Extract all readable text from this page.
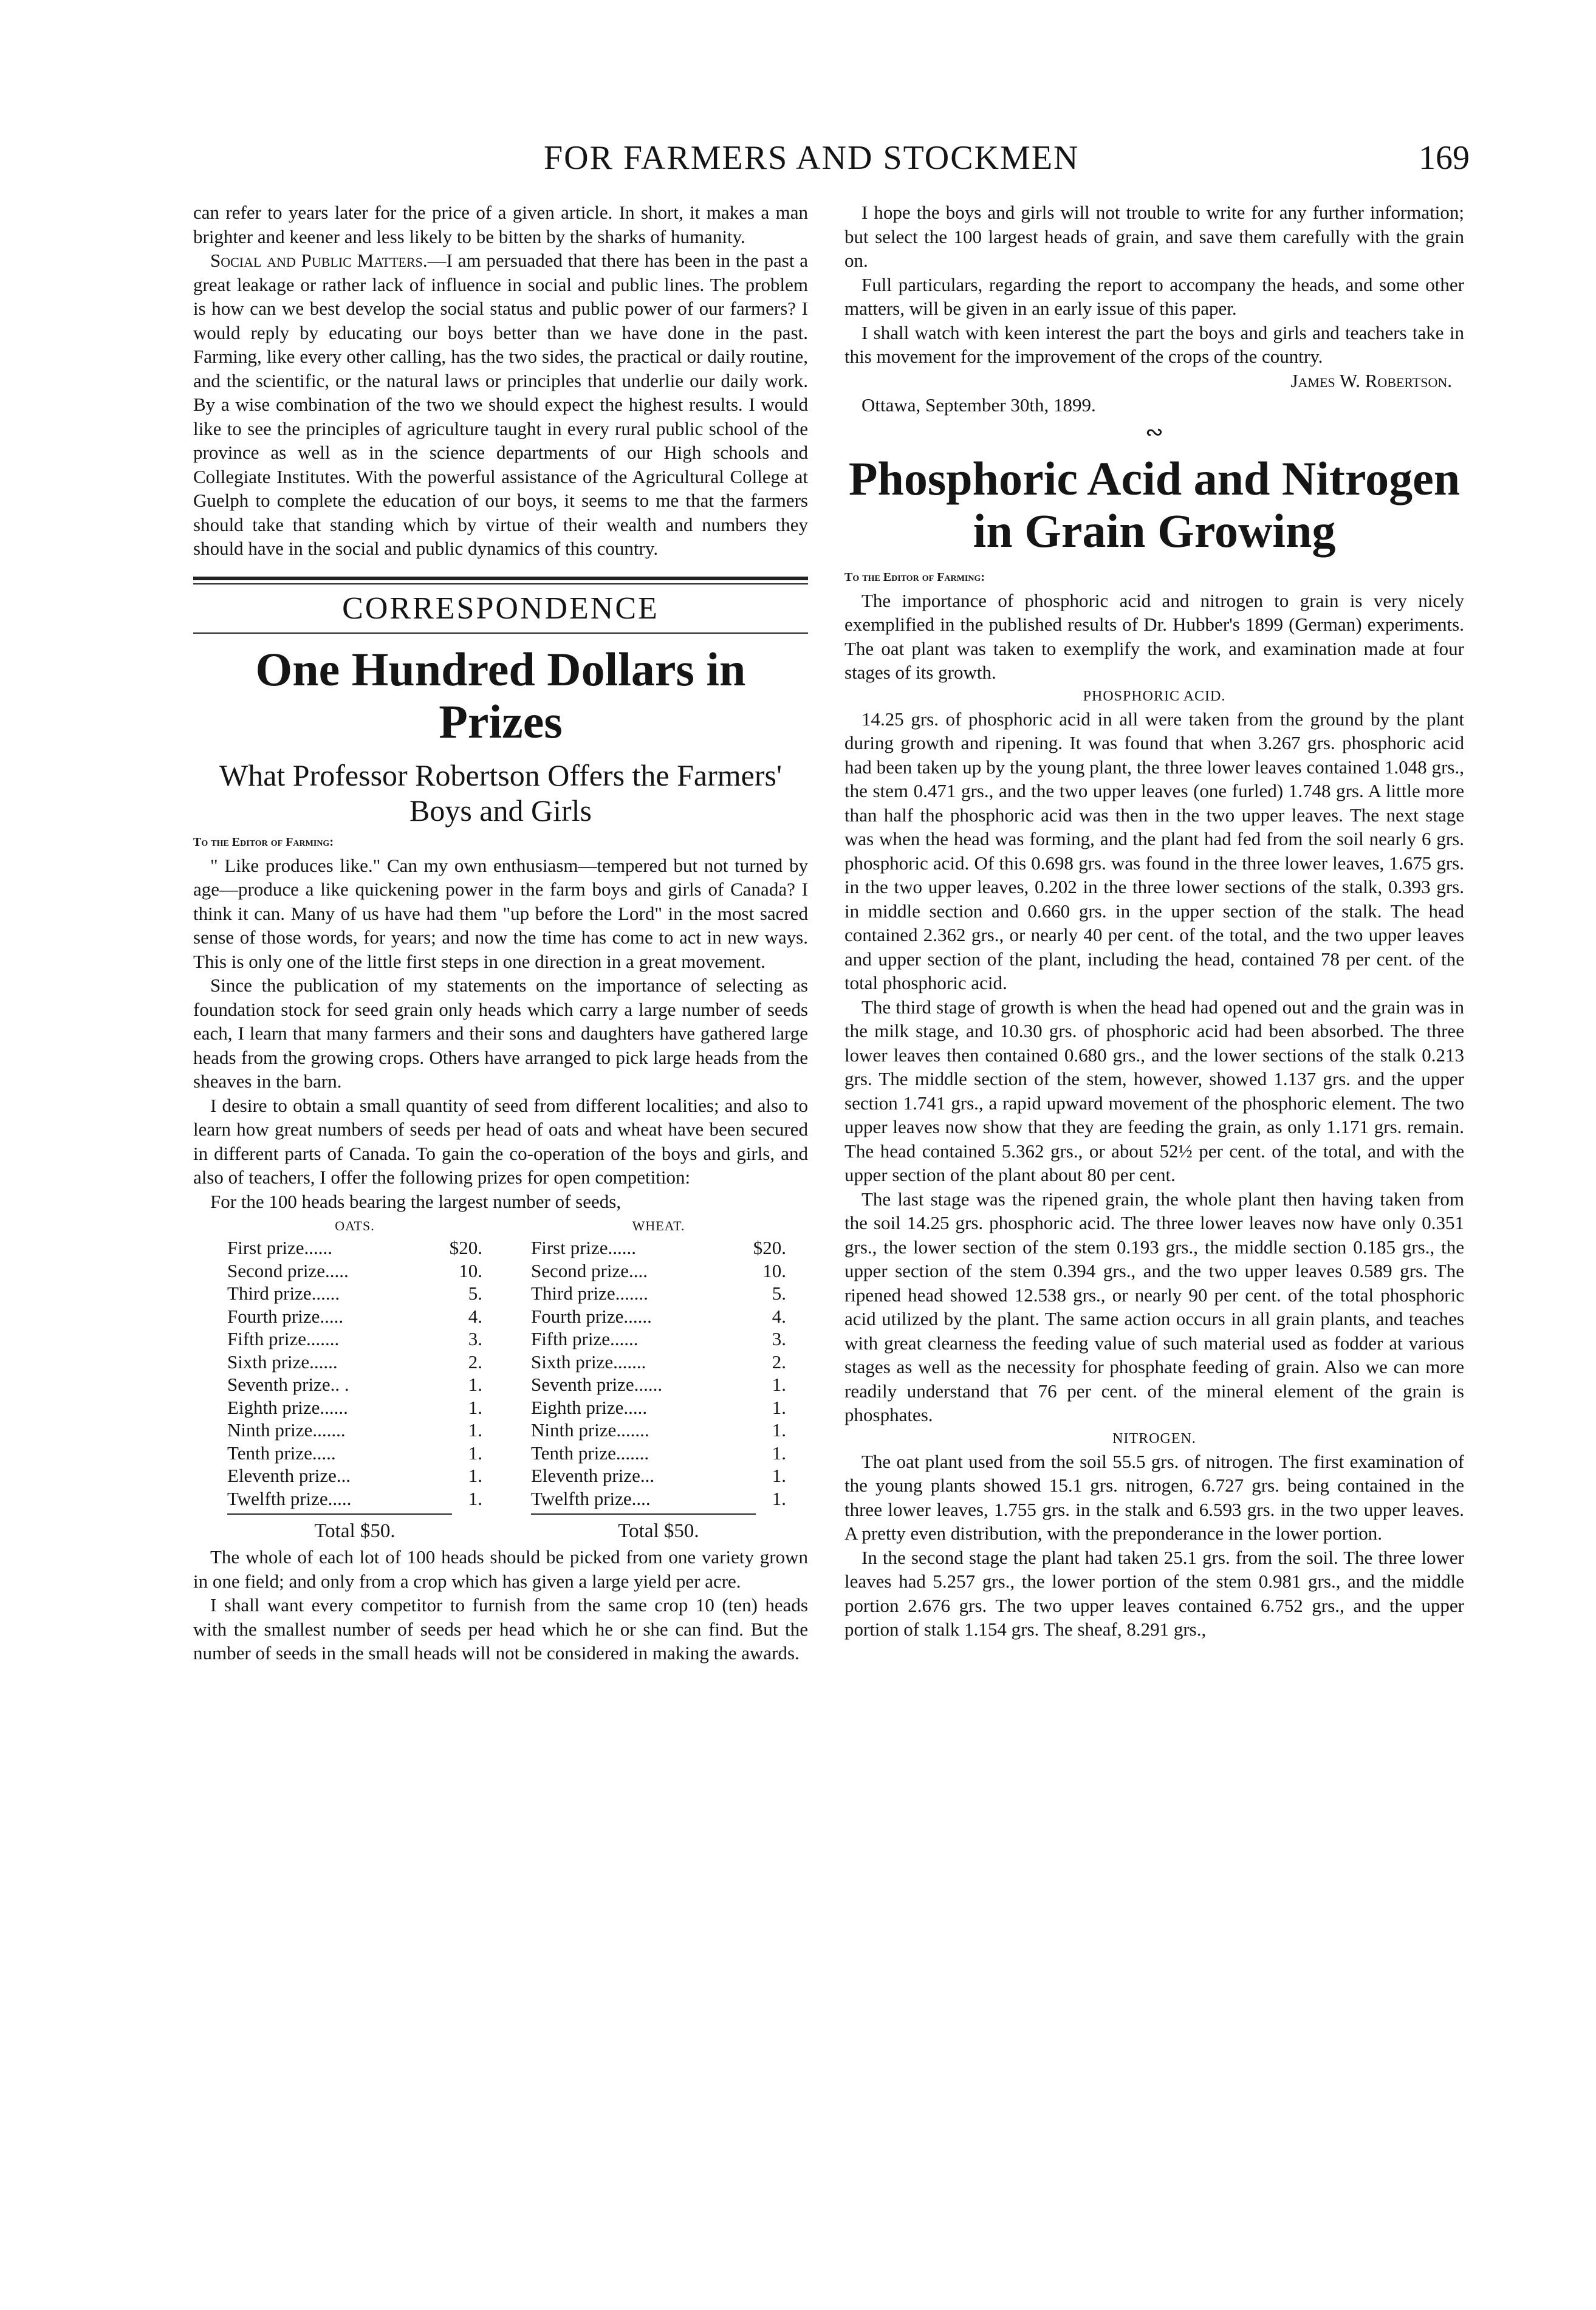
FOR FARMERS AND STOCKMEN	169

can refer to years later for the price of a given article. In short, it makes a man brighter and keener and less likely to be bitten by the sharks of humanity.

Social and Public Matters.—I am persuaded that there has been in the past a great leakage or rather lack of influence in social and public lines. The problem is how can we best develop the social status and public power of our farmers? I would reply by educating our boys better than we have done in the past. Farming, like every other calling, has the two sides, the practical or daily routine, and the scientific, or the natural laws or principles that underlie our daily work. By a wise combination of the two we should expect the highest results. I would like to see the principles of agriculture taught in every rural public school of the province as well as in the science departments of our High schools and Collegiate Institutes. With the powerful assistance of the Agricultural College at Guelph to complete the education of our boys, it seems to me that the farmers should take that standing which by virtue of their wealth and numbers they should have in the social and public dynamics of this country.

CORRESPONDENCE
One Hundred Dollars in Prizes
What Professor Robertson Offers the Farmers' Boys and Girls
To the Editor of Farming:

" Like produces like." Can my own enthusiasm—tempered but not turned by age—produce a like quickening power in the farm boys and girls of Canada? I think it can. Many of us have had them "up before the Lord" in the most sacred sense of those words, for years; and now the time has come to act in new ways. This is only one of the little first steps in one direction in a great movement.

Since the publication of my statements on the importance of selecting as foundation stock for seed grain only heads which carry a large number of seeds each, I learn that many farmers and their sons and daughters have gathered large heads from the growing crops. Others have arranged to pick large heads from the sheaves in the barn.

I desire to obtain a small quantity of seed from different localities; and also to learn how great numbers of seeds per head of oats and wheat have been secured in different parts of Canada. To gain the co-operation of the boys and girls, and also of teachers, I offer the following prizes for open competition:

For the 100 heads bearing the largest number of seeds,

OATS.
First prize......	$20.
Second prize.....	10.
Third prize......	5.
Fourth prize.....	4.
Fifth prize.......	3.
Sixth prize......	2.
Seventh prize.. .	1.
Eighth prize......	1.
Ninth prize.......	1.
Tenth prize.....	1.
Eleventh prize...	1.
Twelfth prize.....	1.
Total $50.
WHEAT.
First prize......	$20.
Second prize....	10.
Third prize.......	5.
Fourth prize......	4.
Fifth prize......	3.
Sixth prize.......	2.
Seventh prize......	1.
Eighth prize.....	1.
Ninth prize.......	1.
Tenth prize.......	1.
Eleventh prize...	1.
Twelfth prize....	1.
Total $50.

The whole of each lot of 100 heads should be picked from one variety grown in one field; and only from a crop which has given a large yield per acre.

I shall want every competitor to furnish from the same crop 10 (ten) heads with the smallest number of seeds per head which he or she can find. But the number of seeds in the small heads will not be considered in making the awards.

I hope the boys and girls will not trouble to write for any further information; but select the 100 largest heads of grain, and save them carefully with the grain on.

Full particulars, regarding the report to accompany the heads, and some other matters, will be given in an early issue of this paper.

I shall watch with keen interest the part the boys and girls and teachers take in this movement for the improvement of the crops of the country.

James W. Robertson.
Ottawa, September 30th, 1899.
∾
Phosphoric Acid and Nitrogen in Grain Growing
To the Editor of Farming:

The importance of phosphoric acid and nitrogen to grain is very nicely exemplified in the published results of Dr. Hubber's 1899 (German) experiments. The oat plant was taken to exemplify the work, and examination made at four stages of its growth.

PHOSPHORIC ACID.

14.25 grs. of phosphoric acid in all were taken from the ground by the plant during growth and ripening. It was found that when 3.267 grs. phosphoric acid had been taken up by the young plant, the three lower leaves contained 1.048 grs., the stem 0.471 grs., and the two upper leaves (one furled) 1.748 grs. A little more than half the phosphoric acid was then in the two upper leaves. The next stage was when the head was forming, and the plant had fed from the soil nearly 6 grs. phosphoric acid. Of this 0.698 grs. was found in the three lower leaves, 1.675 grs. in the two upper leaves, 0.202 in the three lower sections of the stalk, 0.393 grs. in middle section and 0.660 grs. in the upper section of the stalk. The head contained 2.362 grs., or nearly 40 per cent. of the total, and the two upper leaves and upper section of the plant, including the head, contained 78 per cent. of the total phosphoric acid.

The third stage of growth is when the head had opened out and the grain was in the milk stage, and 10.30 grs. of phosphoric acid had been absorbed. The three lower leaves then contained 0.680 grs., and the lower sections of the stalk 0.213 grs. The middle section of the stem, however, showed 1.137 grs. and the upper section 1.741 grs., a rapid upward movement of the phosphoric element. The two upper leaves now show that they are feeding the grain, as only 1.171 grs. remain. The head contained 5.362 grs., or about 52½ per cent. of the total, and with the upper section of the plant about 80 per cent.

The last stage was the ripened grain, the whole plant then having taken from the soil 14.25 grs. phosphoric acid. The three lower leaves now have only 0.351 grs., the lower section of the stem 0.193 grs., the middle section 0.185 grs., the upper section of the stem 0.394 grs., and the two upper leaves 0.589 grs. The ripened head showed 12.538 grs., or nearly 90 per cent. of the total phosphoric acid utilized by the plant. The same action occurs in all grain plants, and teaches with great clearness the feeding value of such material used as fodder at various stages as well as the necessity for phosphate feeding of grain. Also we can more readily understand that 76 per cent. of the mineral element of the grain is phosphates.

NITROGEN.

The oat plant used from the soil 55.5 grs. of nitrogen. The first examination of the young plants showed 15.1 grs. nitrogen, 6.727 grs. being contained in the three lower leaves, 1.755 grs. in the stalk and 6.593 grs. in the two upper leaves. A pretty even distribution, with the preponderance in the lower portion.

In the second stage the plant had taken 25.1 grs. from the soil. The three lower leaves had 5.257 grs., the lower portion of the stem 0.981 grs., and the middle portion 2.676 grs. The two upper leaves contained 6.752 grs., and the upper portion of stalk 1.154 grs. The sheaf, 8.291 grs.,
